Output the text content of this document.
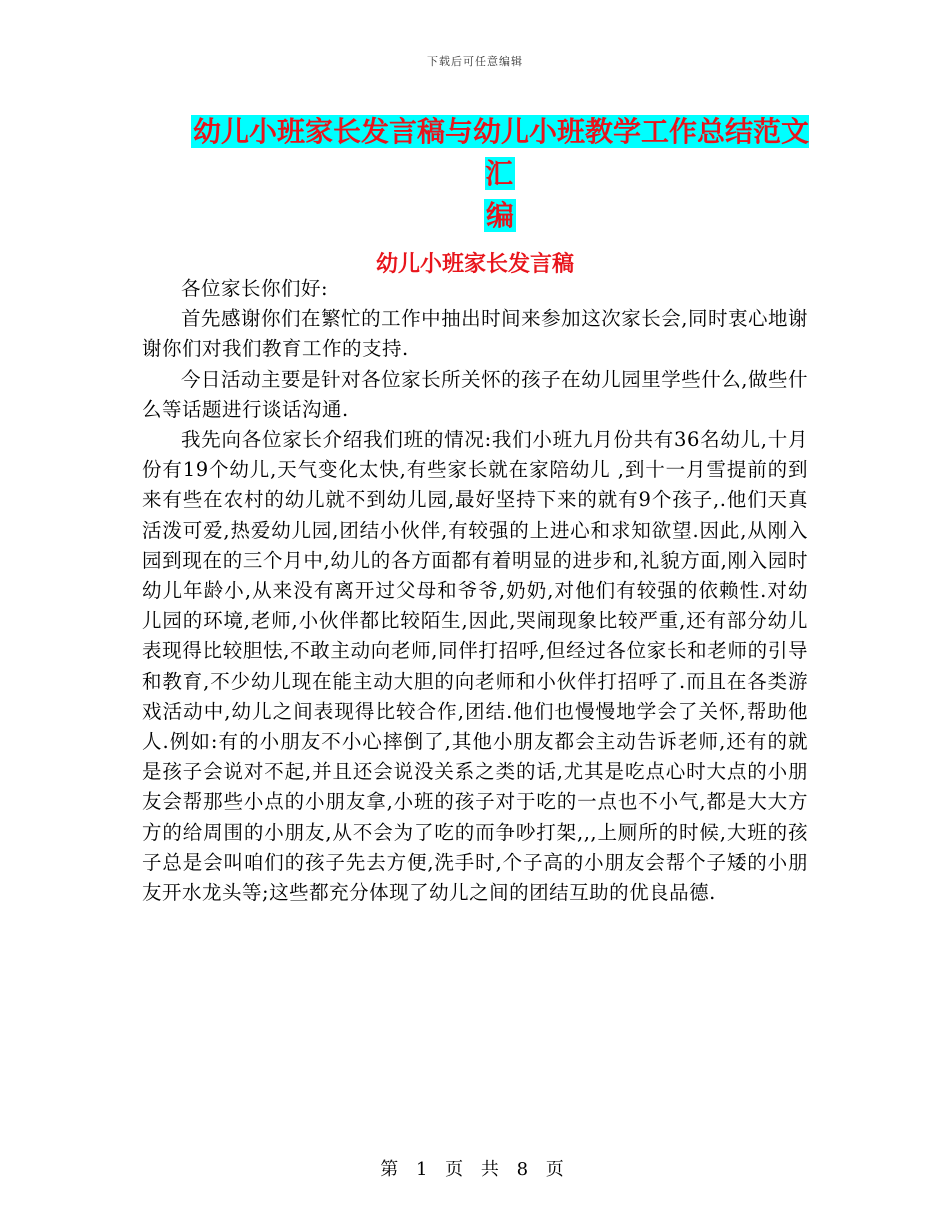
下载后可任意编辑
幼儿小班家长发言稿与幼儿小班教学工作总结范文汇
编
幼儿小班家长发言稿

各位家长你们好:

首先感谢你们在繁忙的工作中抽出时间来参加这次家长会,同时衷心地谢谢你们对我们教育工作的支持.

今日活动主要是针对各位家长所关怀的孩子在幼儿园里学些什么,做些什么等话题进行谈话沟通.

我先向各位家长介绍我们班的情况:我们小班九月份共有36名幼儿,十月份有19个幼儿,天气变化太快,有些家长就在家陪幼儿 ,到十一月雪提前的到来有些在农村的幼儿就不到幼儿园,最好坚持下来的就有9个孩子,.他们天真活泼可爱,热爱幼儿园,团结小伙伴,有较强的上进心和求知欲望.因此,从刚入园到现在的三个月中,幼儿的各方面都有着明显的进步和,礼貌方面,刚入园时幼儿年龄小,从来没有离开过父母和爷爷,奶奶,对他们有较强的依赖性.对幼儿园的环境,老师,小伙伴都比较陌生,因此,哭闹现象比较严重,还有部分幼儿表现得比较胆怯,不敢主动向老师,同伴打招呼,但经过各位家长和老师的引导和教育,不少幼儿现在能主动大胆的向老师和小伙伴打招呼了.而且在各类游戏活动中,幼儿之间表现得比较合作,团结.他们也慢慢地学会了关怀,帮助他人.例如:有的小朋友不小心摔倒了,其他小朋友都会主动告诉老师,还有的就是孩子会说对不起,并且还会说没关系之类的话,尤其是吃点心时大点的小朋友会帮那些小点的小朋友拿,小班的孩子对于吃的一点也不小气,都是大大方方的给周围的小朋友,从不会为了吃的而争吵打架,,,上厕所的时候,大班的孩子总是会叫咱们的孩子先去方便,洗手时,个子高的小朋友会帮个子矮的小朋友开水龙头等;这些都充分体现了幼儿之间的团结互助的优良品德.

第 1 页 共 8 页
